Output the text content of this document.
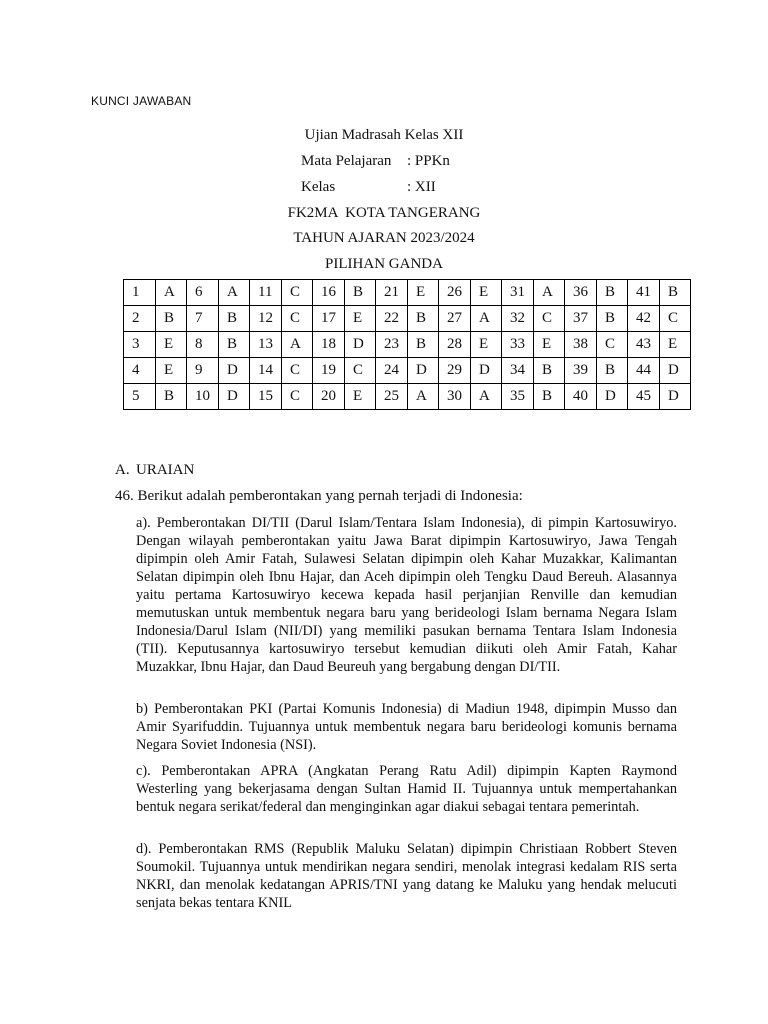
KUNCI JAWABAN
Ujian Madrasah Kelas XII
Mata Pelajaran : PPKn
Kelas	: XII
FK2MA  KOTA TANGERANG
TAHUN AJARAN 2023/2024
PILIHAN GANDA
1	A	6	A	11	C	16	B	21	E	26	E	31	A	36	B	41	B
2	B	7	B	12	C	17	E	22	B	27	A	32	C	37	B	42	C
3	E	8	B	13	A	18	D	23	B	28	E	33	E	38	C	43	E
4	E	9	D	14	C	19	C	24	D	29	D	34	B	39	B	44	D
5	B	10	D	15	C	20	E	25	A	30	A	35	B	40	D	45	D
A. URAIAN
46. Berikut adalah pemberontakan yang pernah terjadi di Indonesia:
a). Pemberontakan DI/TII (Darul Islam/Tentara Islam Indonesia), di pimpin Kartosuwiryo. Dengan wilayah pemberontakan yaitu Jawa Barat dipimpin Kartosuwiryo, Jawa Tengah dipimpin oleh Amir Fatah, Sulawesi Selatan dipimpin oleh Kahar Muzakkar, Kalimantan Selatan dipimpin oleh Ibnu Hajar, dan Aceh dipimpin oleh Tengku Daud Bereuh. Alasannya yaitu pertama Kartosuwiryo kecewa kepada hasil perjanjian Renville dan kemudian memutuskan untuk membentuk negara baru yang berideologi Islam bernama Negara Islam Indonesia/Darul Islam (NII/DI) yang memiliki pasukan bernama Tentara Islam Indonesia (TII). Keputusannya kartosuwiryo tersebut kemudian diikuti oleh Amir Fatah, Kahar Muzakkar, Ibnu Hajar, dan Daud Beureuh yang bergabung dengan DI/TII.
b) Pemberontakan PKI (Partai Komunis Indonesia) di Madiun 1948, dipimpin Musso dan Amir Syarifuddin. Tujuannya untuk membentuk negara baru berideologi komunis bernama Negara Soviet Indonesia (NSI).
c). Pemberontakan APRA (Angkatan Perang Ratu Adil) dipimpin Kapten Raymond Westerling yang bekerjasama dengan Sultan Hamid II. Tujuannya untuk mempertahankan bentuk negara serikat/federal dan menginginkan agar diakui sebagai tentara pemerintah.
d). Pemberontakan RMS (Republik Maluku Selatan) dipimpin Christiaan Robbert Steven Soumokil. Tujuannya untuk mendirikan negara sendiri, menolak integrasi kedalam RIS serta NKRI, dan menolak kedatangan APRIS/TNI yang datang ke Maluku yang hendak melucuti senjata bekas tentara KNIL
